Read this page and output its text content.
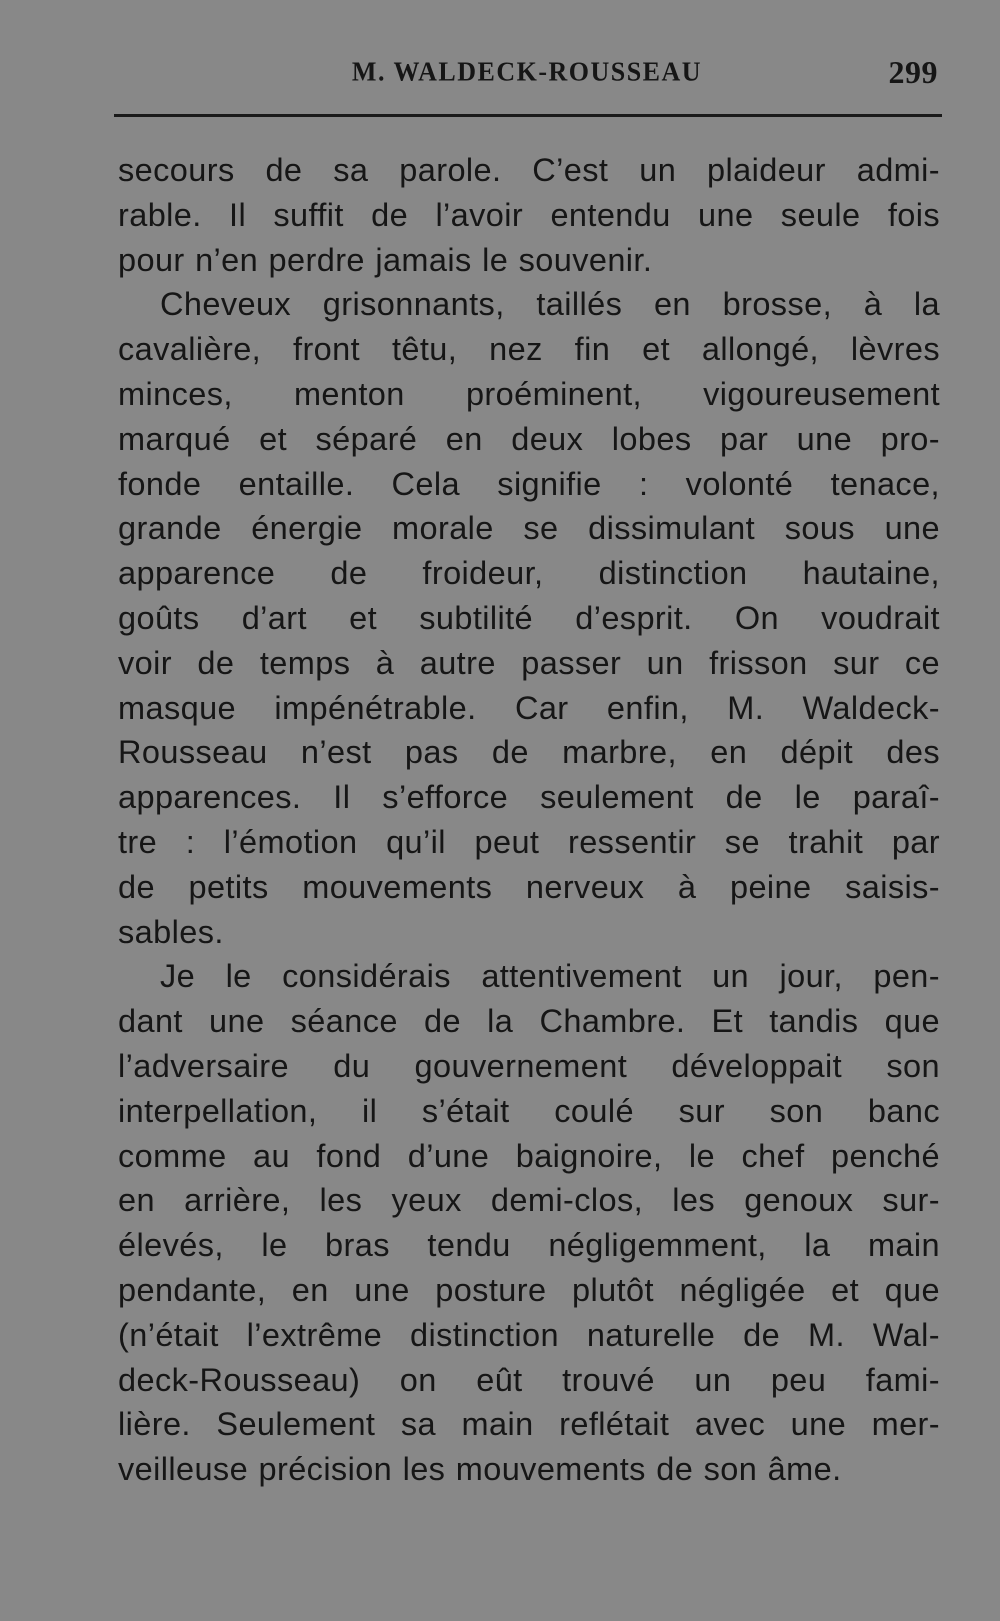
M. WALDECK-ROUSSEAU	299

secours de sa parole. C’est un plaideur admi-
rable. Il suffit de l’avoir entendu une seule fois
pour n’en perdre jamais le souvenir.

Cheveux grisonnants, taillés en brosse, à la
cavalière, front têtu, nez fin et allongé, lèvres
minces, menton proéminent, vigoureusement
marqué et séparé en deux lobes par une pro-
fonde entaille. Cela signifie : volonté tenace,
grande énergie morale se dissimulant sous une
apparence de froideur, distinction hautaine,
goûts d’art et subtilité d’esprit. On voudrait
voir de temps à autre passer un frisson sur ce
masque impénétrable. Car enfin, M. Waldeck-
Rousseau n’est pas de marbre, en dépit des
apparences. Il s’efforce seulement de le paraî-
tre : l’émotion qu’il peut ressentir se trahit par
de petits mouvements nerveux à peine saisis-
sables.

Je le considérais attentivement un jour, pen-
dant une séance de la Chambre. Et tandis que
l’adversaire du gouvernement développait son
interpellation, il s’était coulé sur son banc
comme au fond d’une baignoire, le chef penché
en arrière, les yeux demi-clos, les genoux sur-
élevés, le bras tendu négligemment, la main
pendante, en une posture plutôt négligée et que
(n’était l’extrême distinction naturelle de M. Wal-
deck-Rousseau) on eût trouvé un peu fami-
lière. Seulement sa main reflétait avec une mer-
veilleuse précision les mouvements de son âme.
